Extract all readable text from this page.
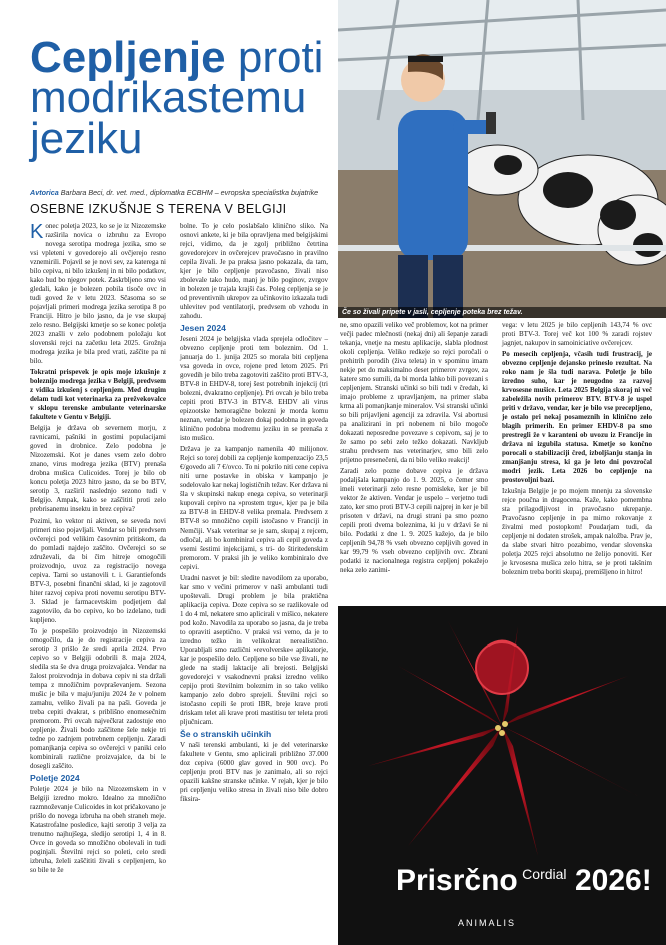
Cepljenje proti
modrikastemu
jeziku
Avtorica Barbara Beci, dr. vet. med., diplomatka ECBHM – evropska specialistka bujatrike
OSEBNE IZKUŠNJE S TERENA V BELGIJI
Če so živali pripete v jasli, cepljenje poteka brez težav.

Konec poletja 2023, ko se je iz Nizozemske razširila novica o izbruhu za Evropo novega serotipa modrega jezika, smo se vsi vpleteni v govedorejo ali ovčjerejo resno vznemirili. Pojavil se je novi sev, za katerega ni bilo cepiva, ni bilo izkušenj in ni bilo podatkov, kako hud bo njegov potek. Zaskrbljeno smo vsi gledali, kako je bolezen pobila tisoče ovc in tudi goved že v letu 2023. Sčasoma so se pojavljali primeri modrega jezika serotipa 8 po Franciji. Hitro je bilo jasno, da je vse skupaj zelo resno. Belgijski kmetje so se konec poletja 2023 znašli v zelo podobnem položaju kot slovenski rejci na začetku leta 2025. Grožnja modrega jezika je bila pred vrati, zaščite pa ni bilo.

Tokratni prispevek je opis moje izkušnje z boleznijo modrega jezika v Belgiji, predvsem z vidika izkušenj s cepljenjem. Med drugim delam tudi kot veterinarka za prežvekovalce v sklopu terenske ambulante veterinarske fakultete v Gentu v Belgiji.

Belgija je država ob severnem morju, z ravnicami, pašniki in gostimi populacijami goved in drobnice. Zelo podobna je Nizozemski. Kot je danes vsem zelo dobro znano, virus modrega jezika (BTV) prenaša drobna mušica Culicoides. Torej je bilo ob koncu poletja 2023 hitro jasno, da se bo BTV, serotip 3, razširil naslednjo sezono tudi v Belgijo. Ampak, kako se zaščititi proti zelo prebrisanemu insektu in brez cepiva?

Pozimi, ko vektor ni aktiven, se seveda novi primeri niso pojavljali. Vendar so bili predvsem ovčerejci pod velikim časovnim pritiskom, da do pomladi najdejo zaščito. Ovčerejci so se združevali, da bi čim hitreje omogočili proizvodnjo, uvoz za registracijo novega cepiva. Tarni so ustanovili t. i. Garantiefonds BTV-3, posebni finančni sklad, ki je zagotovil hiter razvoj cepiva proti novemu serotipu BTV-3. Sklad je farmacevtskim podjetjem dal zagotovilo, da bo cepivo, ko bo izdelano, tudi kupljeno.

To je pospešilo proizvodnjo in Nizozemski omogočilo, da je do registracije cepiva za serotip 3 prišlo že sredi aprila 2024. Prvo cepivo so v Belgiji odobrili 8. maja 2024, sledila sta še dva druga proizvajalca. Vendar na žalost proizvodnja in dobava cepiv ni sta držali tempa z množičnim povpraševanjem. Sezona mušic je bila v maju/juniju 2024 že v polnem zamahu, veliko živali pa na paši. Goveda je treba cepiti dvakrat, s priblišno enomesečnim premorom. Pri ovcah največkrat zadostuje eno cepljenje. Živali bodo zaščitene šele nekje tri tedne po zadnjem potrebnem cepljenju. Zaradi pomanjkanja cepiva so ovčerejci v paniki celo kombinirali različne proizvajalce, da bi le dosegli zaščito.

Poletje 2024

Poletje 2024 je bilo na Nizozemskem in v Belgiji izredno mokro. Idealno za množično razmnoževanje Culicoides in kot pričakovano je prišlo do novega izbruha na obeh straneh meje. Katastrofalne posledice, kajti serotip 3 velja za trenutno najhujšega, sledijo serotipi 1, 4 in 8. Ovce in goveda so množično obolevali in tudi poginjali. Številni rejci so poleti, celo sredi izbruha, želeli zaščititi živali s cepljenjem, ko so bile te že

bolne. To je celo poslabšalo klinično sliko. Na osnovi ankete, ki je bila opravljena med belgijskimi rejci, vidimo, da je zgolj približno četrtina govedorejcev in ovčerejcev pravočasno in pravilno cepila živali. Je pa praksa jasno pokazala, da tam, kjer je bilo cepljenje pravočasno, živali niso zbolevale tako hudo, manj je bilo poginov, zvrgov in bolezen je trajala krajši čas. Poleg cepljenja se je od preventivnih ukrepov za učinkovito izkazala tudi uhlevitev pod ventilatorji, predvsem ob vzhodu in zahodu.

Jesen 2024

Jeseni 2024 je belgijska vlada sprejela odločitev – obvezno cepljenje proti tem boleznim. Od 1. januarja do 1. junija 2025 so morala biti cepljena vsa goveda in ovce, rojene pred letom 2025. Pri govedih je bilo treba zagotoviti zaščito proti BTV-3, BTV-8 in EHDV-8, torej šest potrebnih injekcij (tri bolezni, dvakratno cepljenje). Pri ovcah je bilo treba cepiti proti BTV-3 in BTV-8. EHDV ali virus epizootske hemoragične bolezni je morda komu neznan, vendar je bolezen dokaj podobna in goveda klinično podobna modremu jeziku in se prenaša z isto mušico.

Država je za kampanjo namenila 40 milijonov. Rejci so torej dobili za cepljenje kompenzacijo 23,5 €/govedo ali 7 €/ovco. To ni pokrilo niti cene cepiva niti urne postavke in obiska v kampanjo je sodelovalo kar nekaj logističnih težav. Ker država ni šla v skupinski nakup enega cepiva, so veterinarji kupovali cepivo na »prostem trgu«, kjer pa je bila za BTV-8 in EHDV-8 velika premala. Predvsem z BTV-8 so množično cepili istočasno v Franciji in Nemčiji. Vsak veterinar se je sam, skupaj z rejcem, odločal, ali bo kombiniral cepiva ali cepil goveda z vsemi šestimi injekcijami, s tri- do štiritedenskim premorom. V praksi jih je veliko kombiniralo dve cepivi.

Uradni nasvet je bil: sledite navodilom za uporabo, kar smo v večini primerov v naši ambulanti tudi upoštevali. Drugi problem je bila praktična aplikacija cepiva. Doze cepiva so se razlikovale od 1 do 4 ml, nekatere smo aplicirali v mišico, nekatere pod kožo. Navodila za uporabo so jasna, da je treba to opraviti aseptično. V praksi vsi vemo, da je to izredno težko in velikokrat nerealistično. Uporabljali smo različni »revolverske« aplikatorje, kar je pospešilo delo. Cepljene so bile vse živali, ne glede na stadij laktacije ali brejosti. Belgijski govedorejci v vsakodnevni praksi izredno veliko cepijo proti številnim boleznim in so tako veliko kampanjo zelo dobro sprejeli. Številni rejci so istočasno cepili še proti IBR, breje krave proti driskam telet ali krave proti mastitisu ter teleta proti pljučnicam.

Še o stranskih učinkih

V naši terenski ambulanti, ki je del veterinarske fakultete v Gentu, smo aplicirali približno 37.000 doz cepiva (6000 glav goved in 900 ovc). Po cepljenju proti BTV nas je zanimalo, ali so rejci opazili kakšne stranske učinke. V rejah, kjer je bilo pri cepljenju veliko stresa in živali niso bile dobro fiksira-

ne, smo opazili veliko več problemov, kot na primer večji padec mlečnosti (nekaj dni) ali šepanje zaradi tekanja, vnetje na mestu aplikacije, slabla plodnost okoli cepljenja. Veliko redkeje so rejci poročali o prehitrih porodih (živa teleta) in v spominu imam nekje pet do maksimalno deset primerov zvrgov, za katere smo sumili, da bi morda lahko bili povezani s cepljenjem. Stranski učinki so bili tudi v čredah, ki imajo probleme z upravljanjem, na primer slaba krma ali pomanjkanje mineralov. Vsi stranski učinki so bili prijavljeni agenciji za zdravila. Vsi abortusi pa analizirani in pri nobenem ni bilo mogoče dokazati neposredne povezave s cepivom, saj je to že samo po sebi zelo težko dokazati. Navkljub strahu predvsem nas veterinarjev, smo bili zelo prijetno presenečeni, da ni bilo veliko reakcij!

Zaradi zelo pozne dobave cepiva je država podaljšala kampanjo do 1. 9. 2025, o čemer smo imeli veterinarji zelo resne pomisleke, ker je bil vektor že aktiven. Vendar je uspelo – verjetno tudi zato, ker smo proti BTV-3 cepili najprej in ker je bil prisoten v državi, na drugi strani pa smo pozno cepili proti dvema boleznima, ki ju v državi še ni bilo. Podatki z dne 1. 9. 2025 kažejo, da je bilo cepljenih 94,78 % vseh obvezno cepljivih goved in kar 99,79 % vseh obvezno cepljivih ovc. Zbrani podatki iz nacionalnega registra cepljenj pokažejo neka zelo zanimi-

vega: v letu 2025 je bilo cepljenih 143,74 % ovc proti BTV-3. Torej več kot 100 % zaradi rojstev jagnjet, nakupov in samoiniciative ovčerejcev.

Po mesecih cepljenja, včasih tudi frustracij, je obvezno cepljenje dejansko prineslo rezultat. Na roko nam je šla tudi narava. Poletje je bilo izredno suho, kar je neugodno za razvoj krvosesne mušice. Leta 2025 Belgija skoraj ni več zabeležila novih primerov BTV. BTV-8 je uspel priti v državo, vendar, ker je bilo vse precepljeno, je ostalo pri nekaj posameznih in klinično zelo blagih primerih. En primer EHDV-8 pa smo prestregli že v karanteni ob uvozu iz Francije in država ni izgubila statusa. Kmetje so končno porocali o stabilizaciji čred, izboljšanju stanja in zmanjšanju stresa, ki ga je leto dni povzročal modri jezik. Leta 2026 bo cepljenje na prostovoljni bazi.

Izkušnja Belgije je po mojem mnenju za slovenske rejce poučna in dragocena. Kaže, kako pomembna sta prilagodljivost in pravočasno ukrepanje. Pravočasno cepljenje in pa mirno rokovanje z živalmi med postopkom! Poudarjam tudi, da cepljenje ni dodaten strošek, ampak naložba. Prav je, da slabe stvari hitro pozabimo, vendar slovenska poletja 2025 rejci absolutno ne želijo ponoviti. Ker je krvosesna mušica zelo hitra, se je proti takšnim boleznim treba boriti skupaj, premišljeno in hitro!

Prisrčno Cordial 2026!
ANIMALIS
